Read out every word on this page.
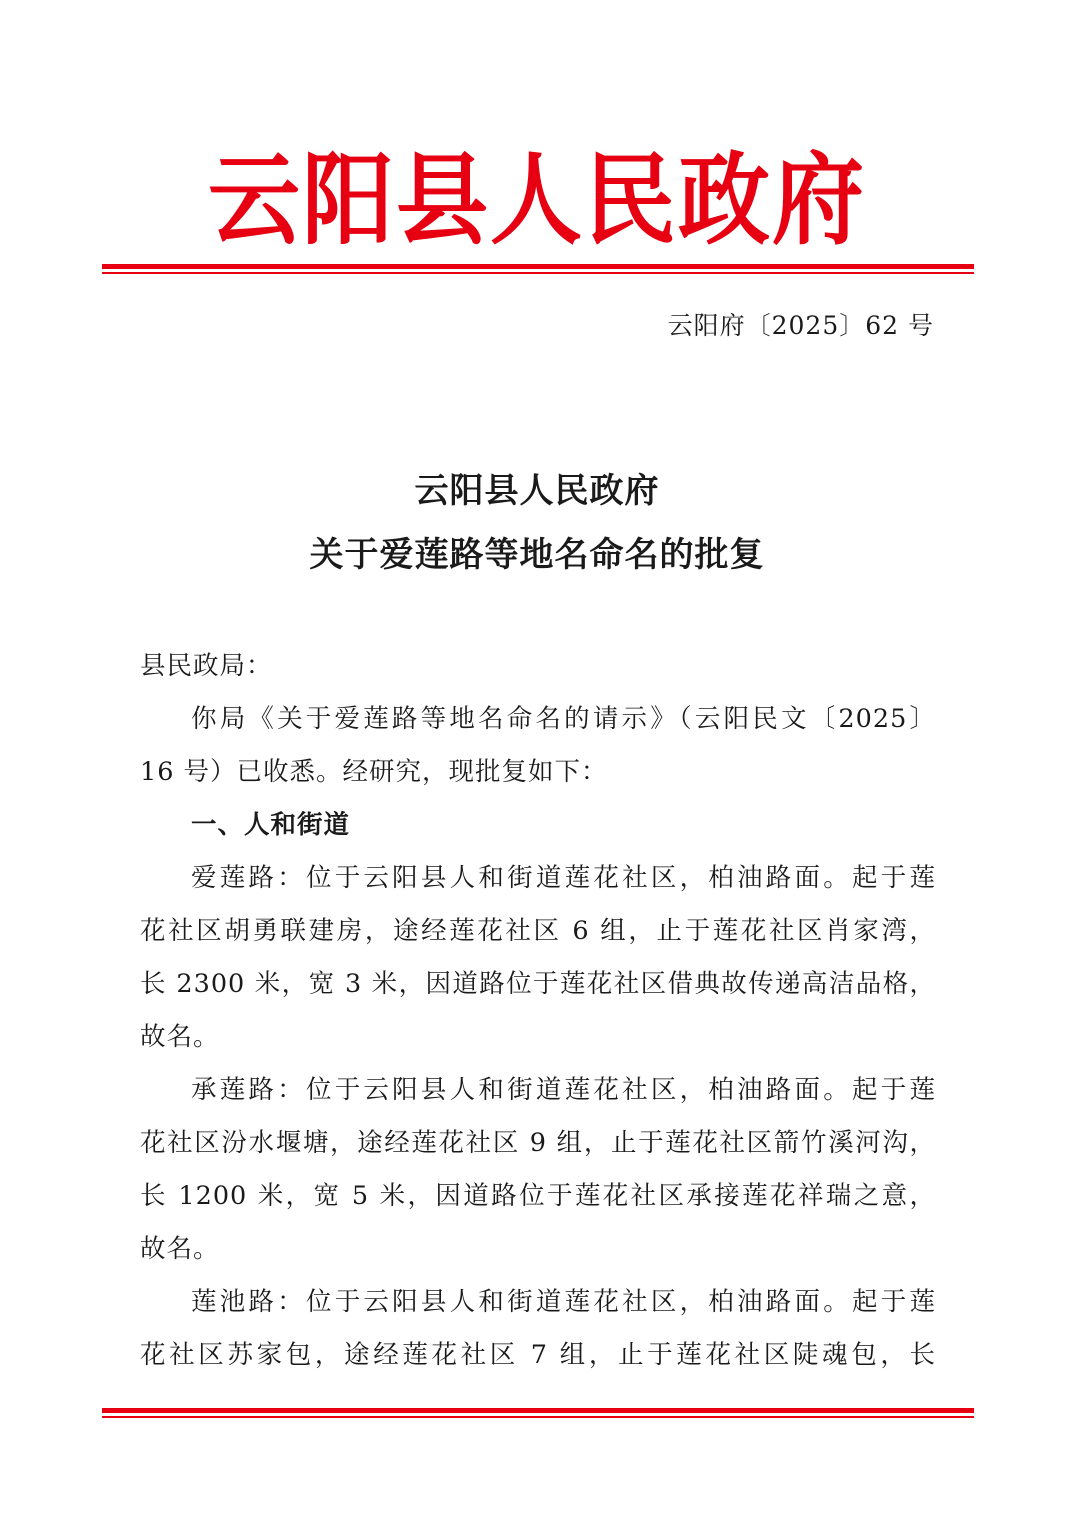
云阳县人民政府
云阳府〔2025〕62 号
云阳县人民政府
关于爱莲路等地名命名的批复

县民政局：

你局《关于爱莲路等地名命名的请示》（云阳民文〔2025〕

16 号）已收悉。经研究，现批复如下：

一、人和街道

爱莲路：位于云阳县人和街道莲花社区，柏油路面。起于莲

花社区胡勇联建房，途经莲花社区 6 组，止于莲花社区肖家湾，

长 2300 米，宽 3 米，因道路位于莲花社区借典故传递高洁品格，

故名。

承莲路：位于云阳县人和街道莲花社区，柏油路面。起于莲

花社区汾水堰塘，途经莲花社区 9 组，止于莲花社区箭竹溪河沟，

长 1200 米，宽 5 米，因道路位于莲花社区承接莲花祥瑞之意，

故名。

莲池路：位于云阳县人和街道莲花社区，柏油路面。起于莲

花社区苏家包，途经莲花社区 7 组，止于莲花社区陡魂包，长
